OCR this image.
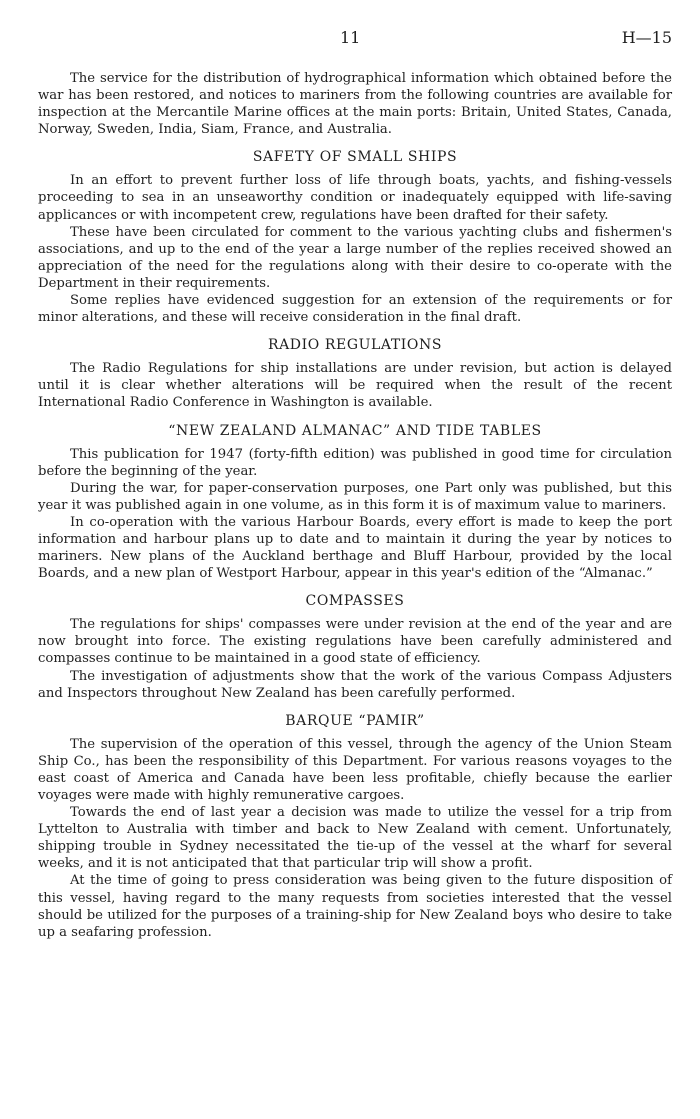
11	H—15

The service for the distribution of hydrographical information which obtained before the war has been restored, and notices to mariners from the following countries are available for inspection at the Mercantile Marine offices at the main ports: Britain, United States, Canada, Norway, Sweden, India, Siam, France, and Australia.

SAFETY OF SMALL SHIPS

In an effort to prevent further loss of life through boats, yachts, and fishing-vessels proceeding to sea in an unseaworthy condition or inadequately equipped with life-saving applicances or with incompetent crew, regulations have been drafted for their safety.

These have been circulated for comment to the various yachting clubs and fishermen's associations, and up to the end of the year a large number of the replies received showed an appreciation of the need for the regulations along with their desire to co-operate with the Department in their requirements.

Some replies have evidenced suggestion for an extension of the requirements or for minor alterations, and these will receive consideration in the final draft.

RADIO REGULATIONS

The Radio Regulations for ship installations are under revision, but action is delayed until it is clear whether alterations will be required when the result of the recent International Radio Conference in Washington is available.

“NEW ZEALAND ALMANAC” AND TIDE TABLES

This publication for 1947 (forty-fifth edition) was published in good time for circulation before the beginning of the year.

During the war, for paper-conservation purposes, one Part only was published, but this year it was published again in one volume, as in this form it is of maximum value to mariners.

In co-operation with the various Harbour Boards, every effort is made to keep the port information and harbour plans up to date and to maintain it during the year by notices to mariners. New plans of the Auckland berthage and Bluff Harbour, provided by the local Boards, and a new plan of Westport Harbour, appear in this year's edition of the “Almanac.”

COMPASSES

The regulations for ships' compasses were under revision at the end of the year and are now brought into force. The existing regulations have been carefully administered and compasses continue to be maintained in a good state of efficiency.

The investigation of adjustments show that the work of the various Compass Adjusters and Inspectors throughout New Zealand has been carefully performed.

BARQUE “PAMIR”

The supervision of the operation of this vessel, through the agency of the Union Steam Ship Co., has been the responsibility of this Department. For various reasons voyages to the east coast of America and Canada have been less profitable, chiefly because the earlier voyages were made with highly remunerative cargoes.

Towards the end of last year a decision was made to utilize the vessel for a trip from Lyttelton to Australia with timber and back to New Zealand with cement. Unfortunately, shipping trouble in Sydney necessitated the tie-up of the vessel at the wharf for several weeks, and it is not anticipated that that particular trip will show a profit.

At the time of going to press consideration was being given to the future disposition of this vessel, having regard to the many requests from societies interested that the vessel should be utilized for the purposes of a training-ship for New Zealand boys who desire to take up a seafaring profession.
